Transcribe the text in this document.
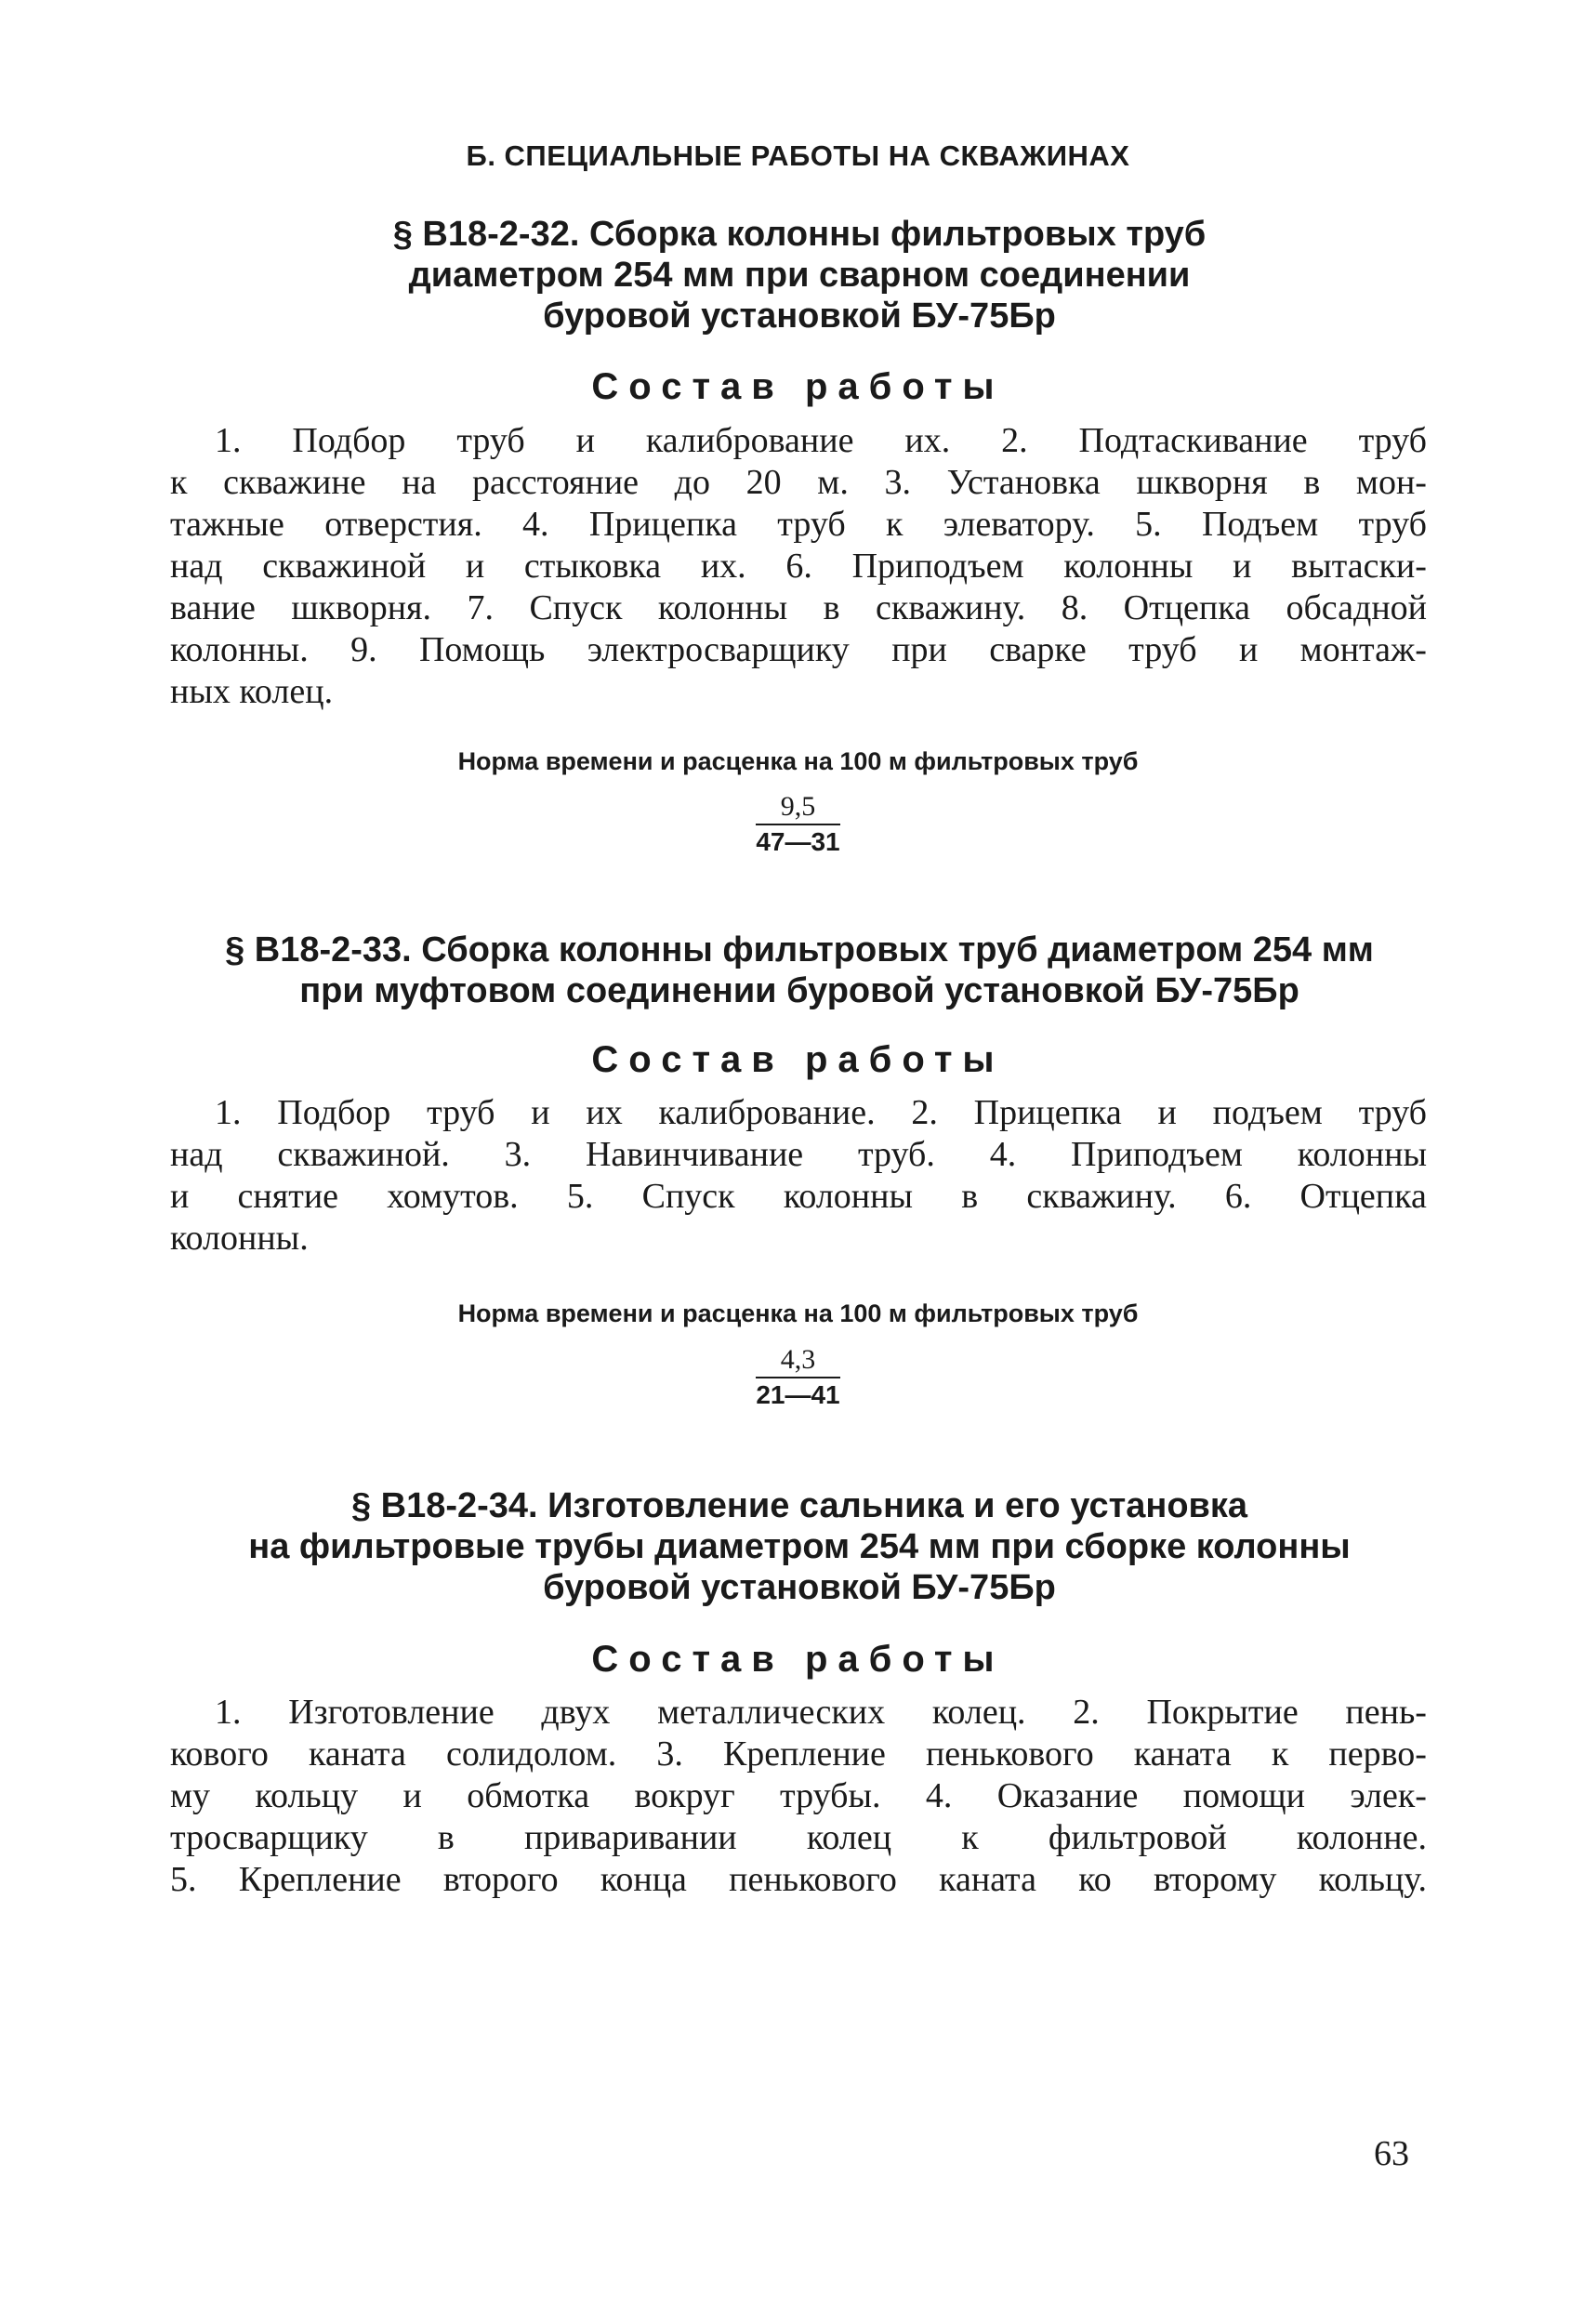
Б. СПЕЦИАЛЬНЫЕ РАБОТЫ НА СКВАЖИНАХ
§ В18-2-32. Сборка колонны фильтровых труб
диаметром 254 мм при сварном соединении
буровой установкой БУ-75Бр
Состав работы
1. Подбор труб и калибрование их. 2. Подтаскивание труб
к скважине на расстояние до 20 м. 3. Установка шкворня в мон-
тажные отверстия. 4. Прицепка труб к элеватору. 5. Подъем труб
над скважиной и стыковка их. 6. Приподъем колонны и вытаски-
вание шкворня. 7. Спуск колонны в скважину. 8. Отцепка обсадной
колонны. 9. Помощь электросварщику при сварке труб и монтаж-
ных колец.
Норма времени и расценка на 100 м фильтровых труб
$\frac{9,5}{47—31}$
§ В18-2-33. Сборка колонны фильтровых труб диаметром 254 мм
при муфтовом соединении буровой установкой БУ-75Бр
Состав работы
1. Подбор труб и их калибрование. 2. Прицепка и подъем труб
над скважиной. 3. Навинчивание труб. 4. Приподъем колонны
и снятие хомутов. 5. Спуск колонны в скважину. 6. Отцепка
колонны.
Норма времени и расценка на 100 м фильтровых труб
$\frac{4,3}{21—41}$
§ В18-2-34. Изготовление сальника и его установка
на фильтровые трубы диаметром 254 мм при сборке колонны
буровой установкой БУ-75Бр
Состав работы
1. Изготовление двух металлических колец. 2. Покрытие пень-
кового каната солидолом. 3. Крепление пенькового каната к перво-
му кольцу и обмотка вокруг трубы. 4. Оказание помощи элек-
тросварщику в приваривании колец к фильтровой колонне.
5. Крепление второго конца пенькового каната ко второму кольцу.
63
